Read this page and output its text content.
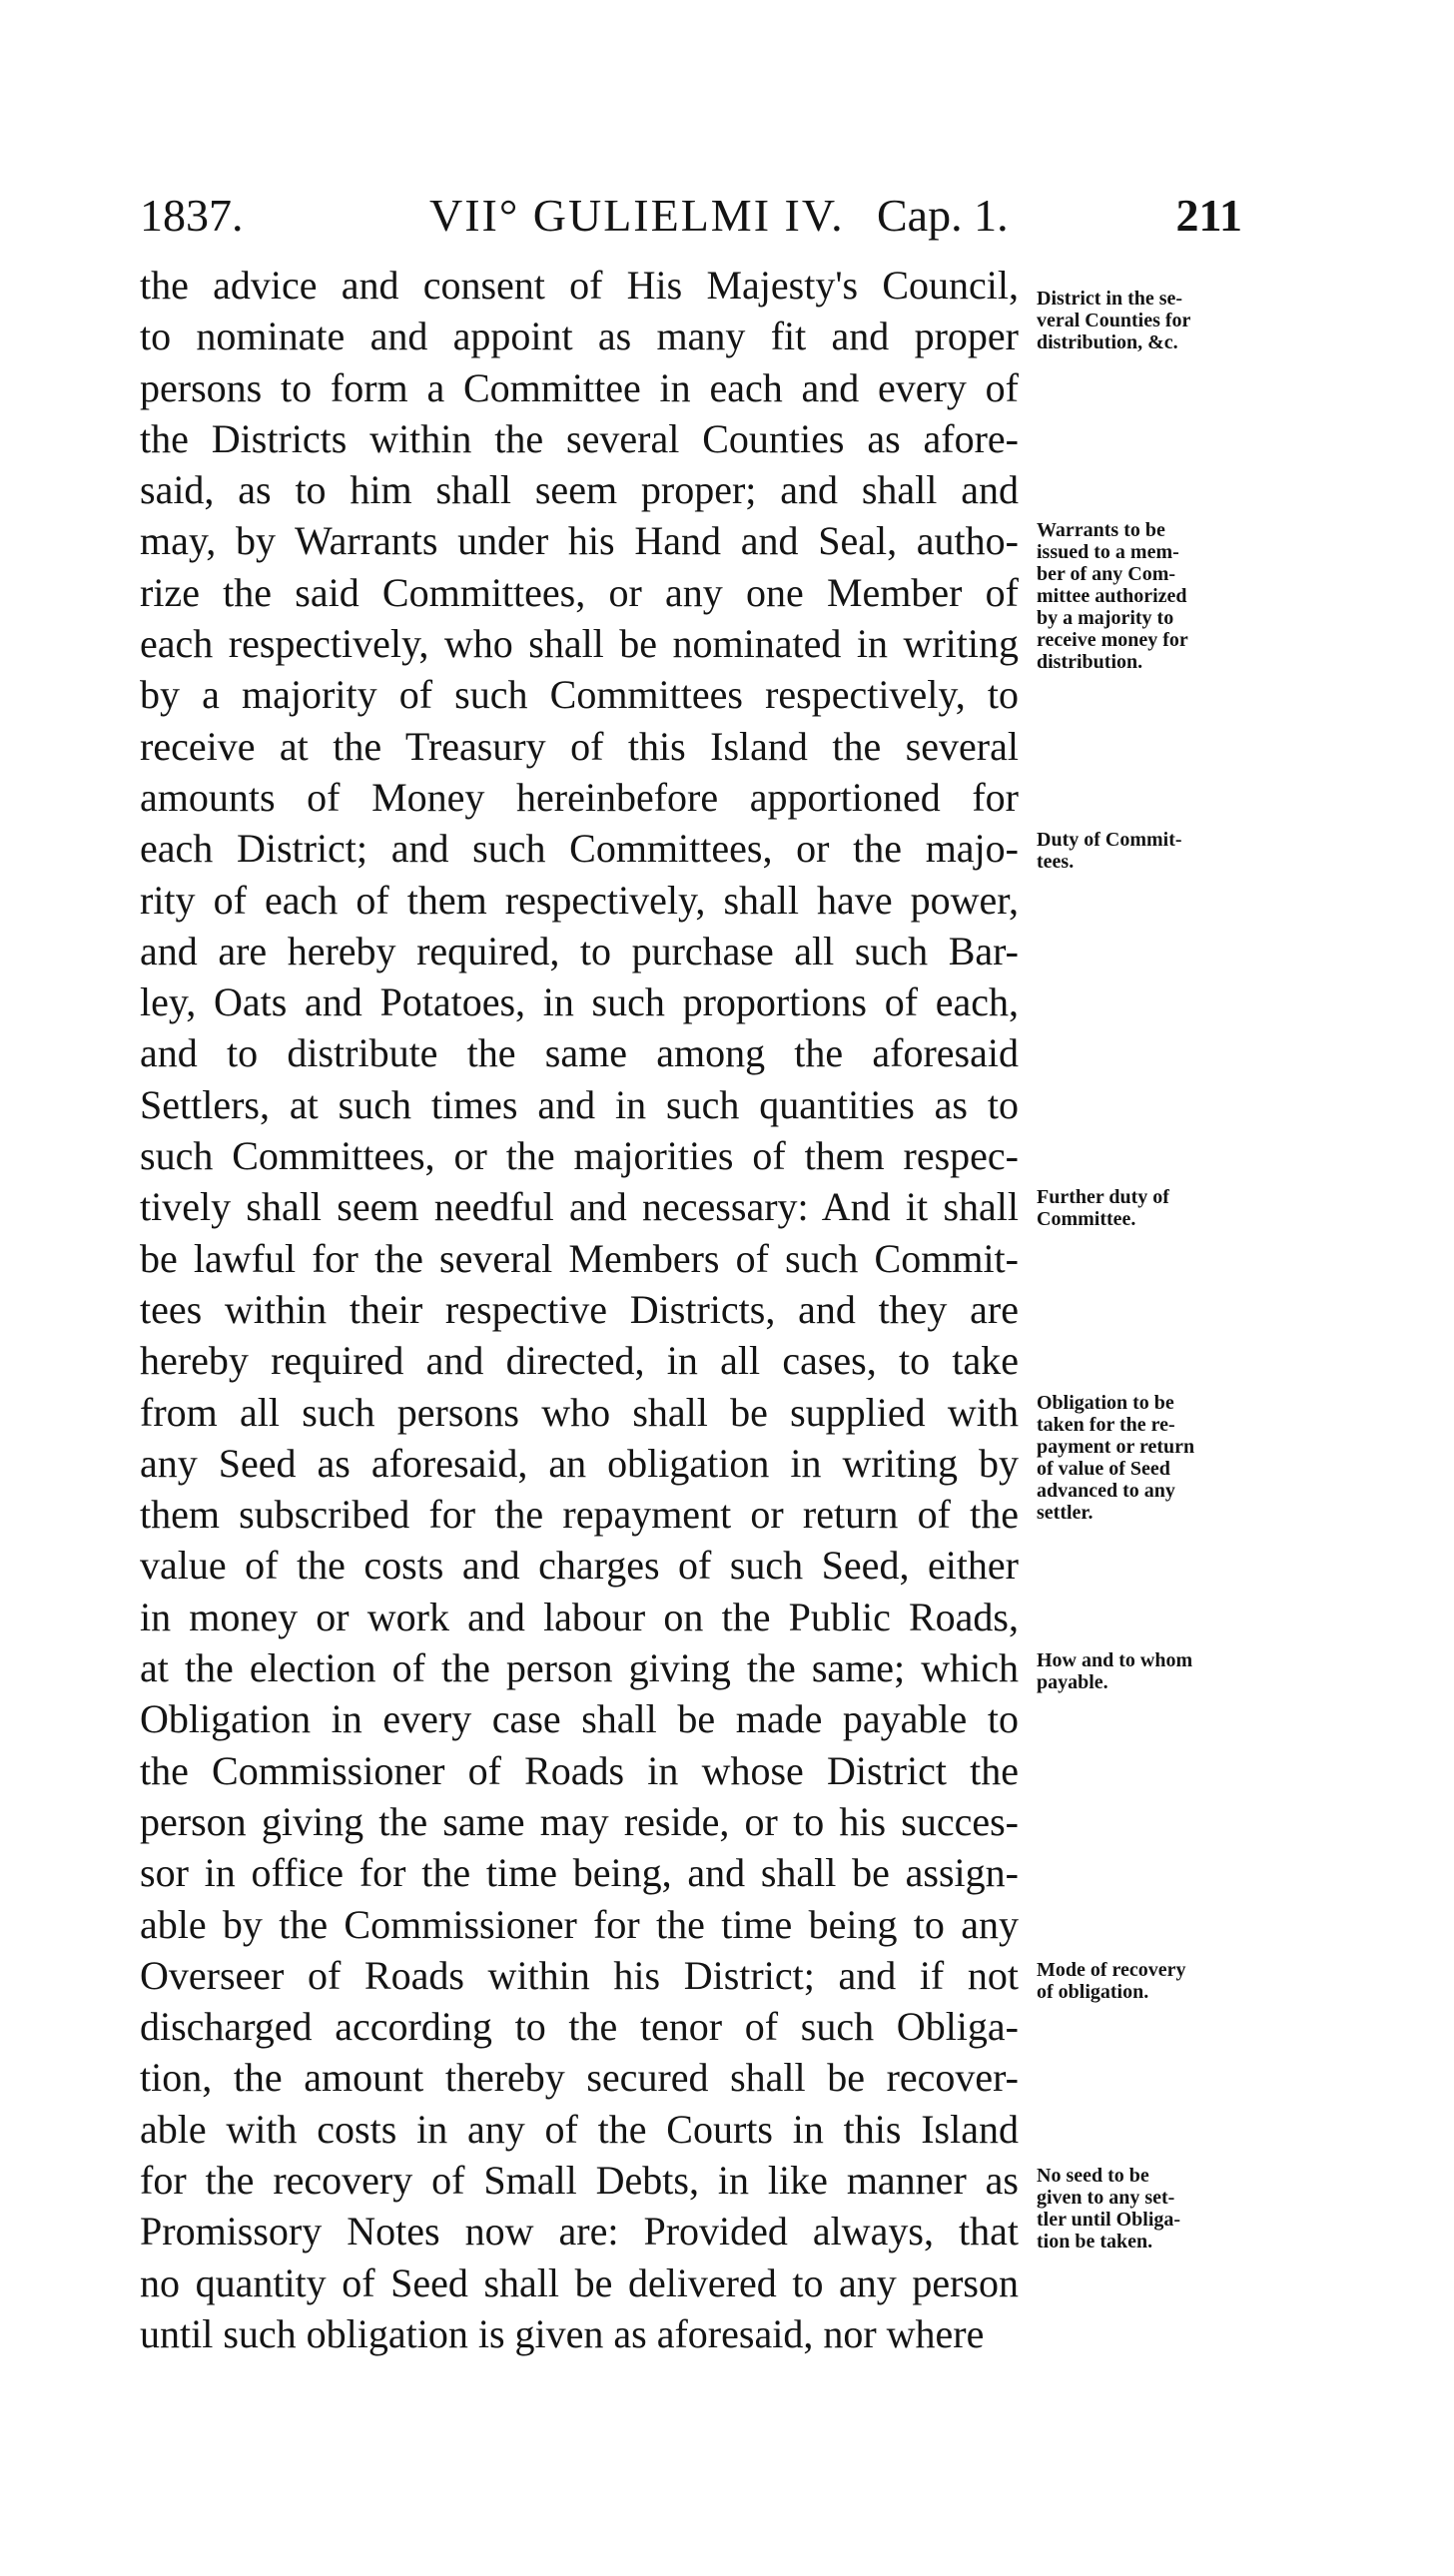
1837.	VII° GULIELMI IV. Cap. 1.	211
the advice and consent of His Majesty's Council,
to nominate and appoint as many fit and proper
persons to form a Committee in each and every of
the Districts within the several Counties as afore-
said, as to him shall seem proper; and shall and
may, by Warrants under his Hand and Seal, autho-
rize the said Committees, or any one Member of
each respectively, who shall be nominated in writing
by a majority of such Committees respectively, to
receive at the Treasury of this Island the several
amounts of Money hereinbefore apportioned for
each District; and such Committees, or the majo-
rity of each of them respectively, shall have power,
and are hereby required, to purchase all such Bar-
ley, Oats and Potatoes, in such proportions of each,
and to distribute the same among the aforesaid
Settlers, at such times and in such quantities as to
such Committees, or the majorities of them respec-
tively shall seem needful and necessary: And it shall
be lawful for the several Members of such Commit-
tees within their respective Districts, and they are
hereby required and directed, in all cases, to take
from all such persons who shall be supplied with
any Seed as aforesaid, an obligation in writing by
them subscribed for the repayment or return of the
value of the costs and charges of such Seed, either
in money or work and labour on the Public Roads,
at the election of the person giving the same; which
Obligation in every case shall be made payable to
the Commissioner of Roads in whose District the
person giving the same may reside, or to his succes-
sor in office for the time being, and shall be assign-
able by the Commissioner for the time being to any
Overseer of Roads within his District; and if not
discharged according to the tenor of such Obliga-
tion, the amount thereby secured shall be recover-
able with costs in any of the Courts in this Island
for the recovery of Small Debts, in like manner as
Promissory Notes now are: Provided always, that
no quantity of Seed shall be delivered to any person
until such obligation is given as aforesaid, nor where
District in the se-
veral Counties for
distribution, &c.
Warrants to be
issued to a mem-
ber of any Com-
mittee authorized
by a majority to
receive money for
distribution.
Duty of Commit-
tees.
Further duty of
Committee.
Obligation to be
taken for the re-
payment or return
of value of Seed
advanced to any
settler.
How and to whom
payable.
Mode of recovery
of obligation.
No seed to be
given to any set-
tler until Obliga-
tion be taken.
